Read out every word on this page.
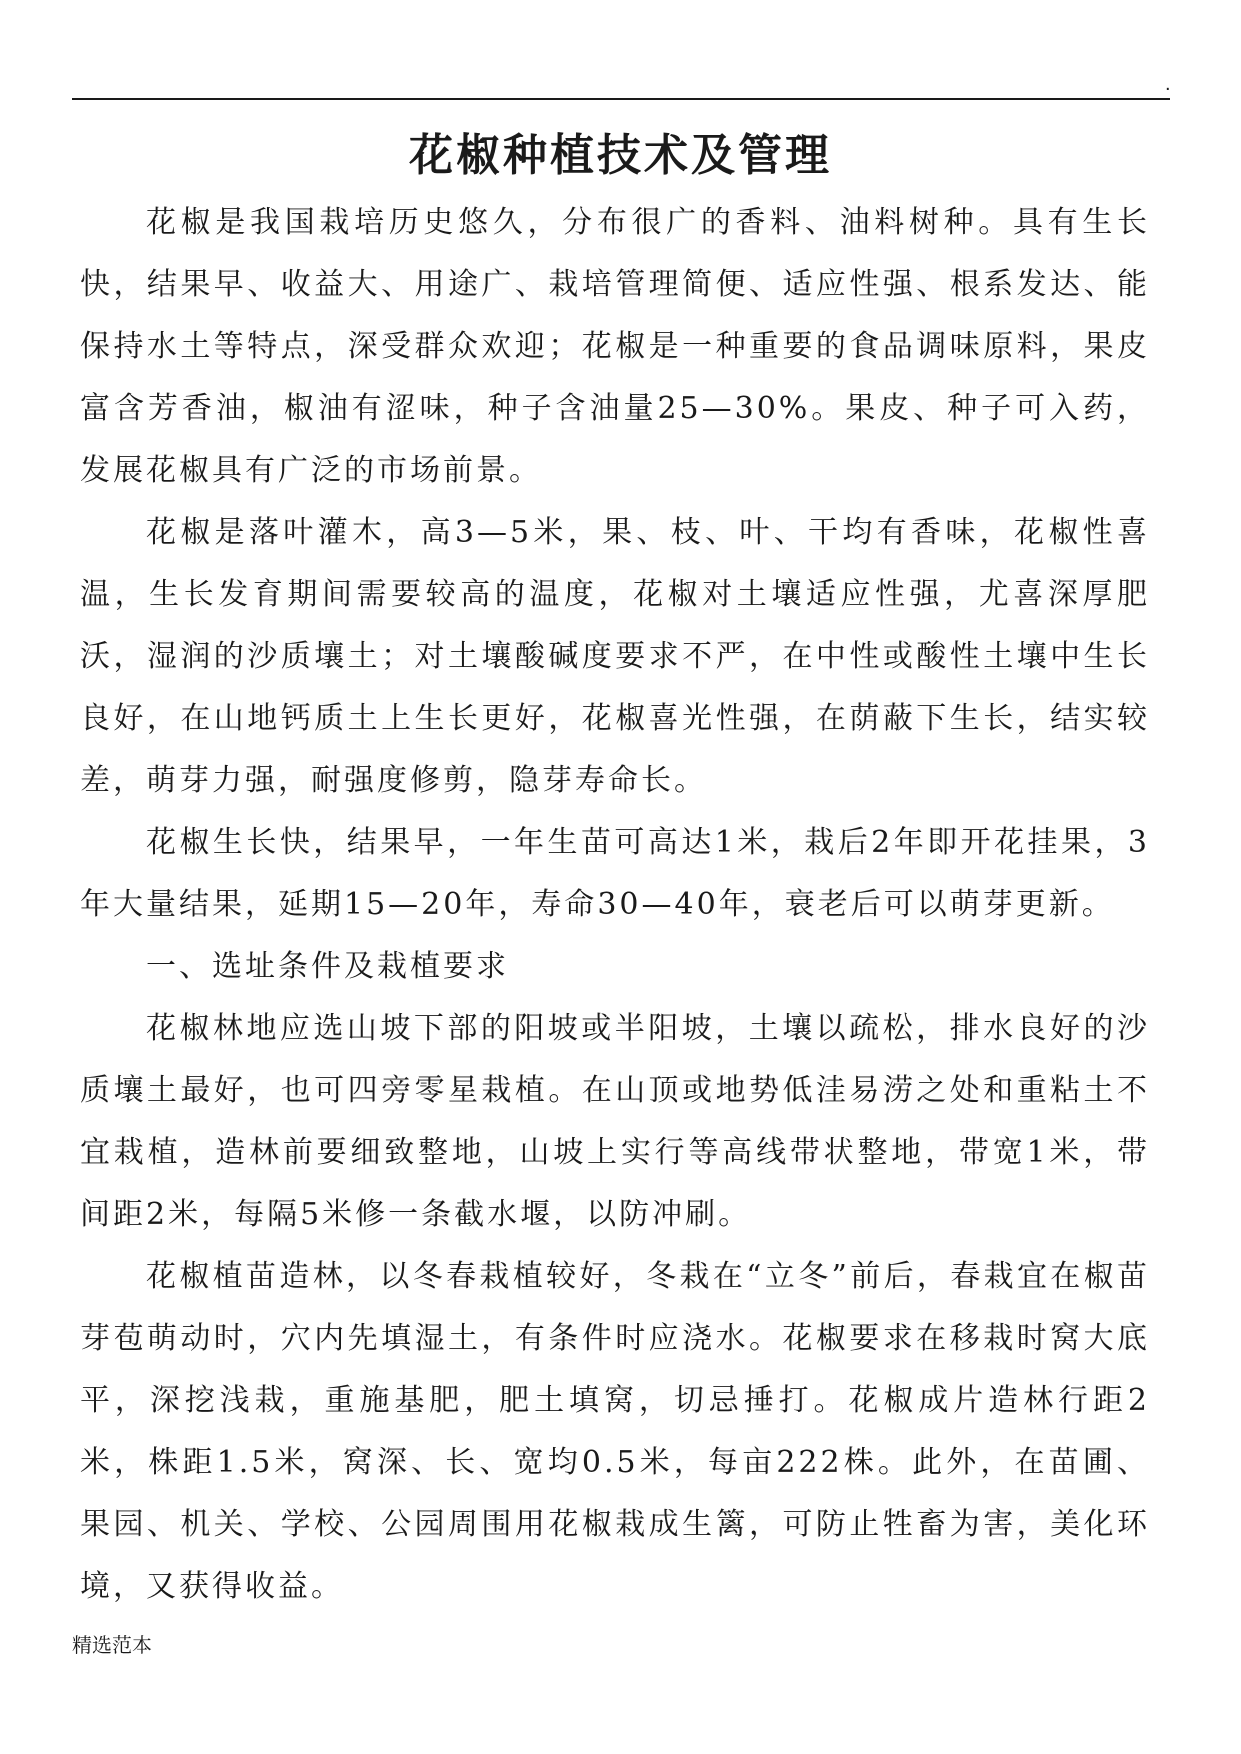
.
花椒种植技术及管理

花椒是我国栽培历史悠久，分布很广的香料、油料树种。具有生长快，结果早、收益大、用途广、栽培管理简便、适应性强、根系发达、能保持水土等特点，深受群众欢迎；花椒是一种重要的食品调味原料，果皮富含芳香油，椒油有涩味，种子含油量25—30%。果皮、种子可入药，发展花椒具有广泛的市场前景。

花椒是落叶灌木，高3—5米，果、枝、叶、干均有香味，花椒性喜温，生长发育期间需要较高的温度，花椒对土壤适应性强，尤喜深厚肥沃，湿润的沙质壤土；对土壤酸碱度要求不严，在中性或酸性土壤中生长良好，在山地钙质土上生长更好，花椒喜光性强，在荫蔽下生长，结实较差，萌芽力强，耐强度修剪，隐芽寿命长。

花椒生长快，结果早，一年生苗可高达1米，栽后2年即开花挂果，3年大量结果，延期15—20年，寿命30—40年，衰老后可以萌芽更新。

一、选址条件及栽植要求

花椒林地应选山坡下部的阳坡或半阳坡，土壤以疏松，排水良好的沙质壤土最好，也可四旁零星栽植。在山顶或地势低洼易涝之处和重粘土不宜栽植，造林前要细致整地，山坡上实行等高线带状整地，带宽1米，带间距2米，每隔5米修一条截水堰，以防冲刷。

花椒植苗造林，以冬春栽植较好，冬栽在“立冬”前后，春栽宜在椒苗芽苞萌动时，穴内先填湿土，有条件时应浇水。花椒要求在移栽时窝大底平，深挖浅栽，重施基肥，肥土填窝，切忌捶打。花椒成片造林行距2米，株距1.5米，窝深、长、宽均0.5米，每亩222株。此外，在苗圃、果园、机关、学校、公园周围用花椒栽成生篱，可防止牲畜为害，美化环境，又获得收益。

精选范本
